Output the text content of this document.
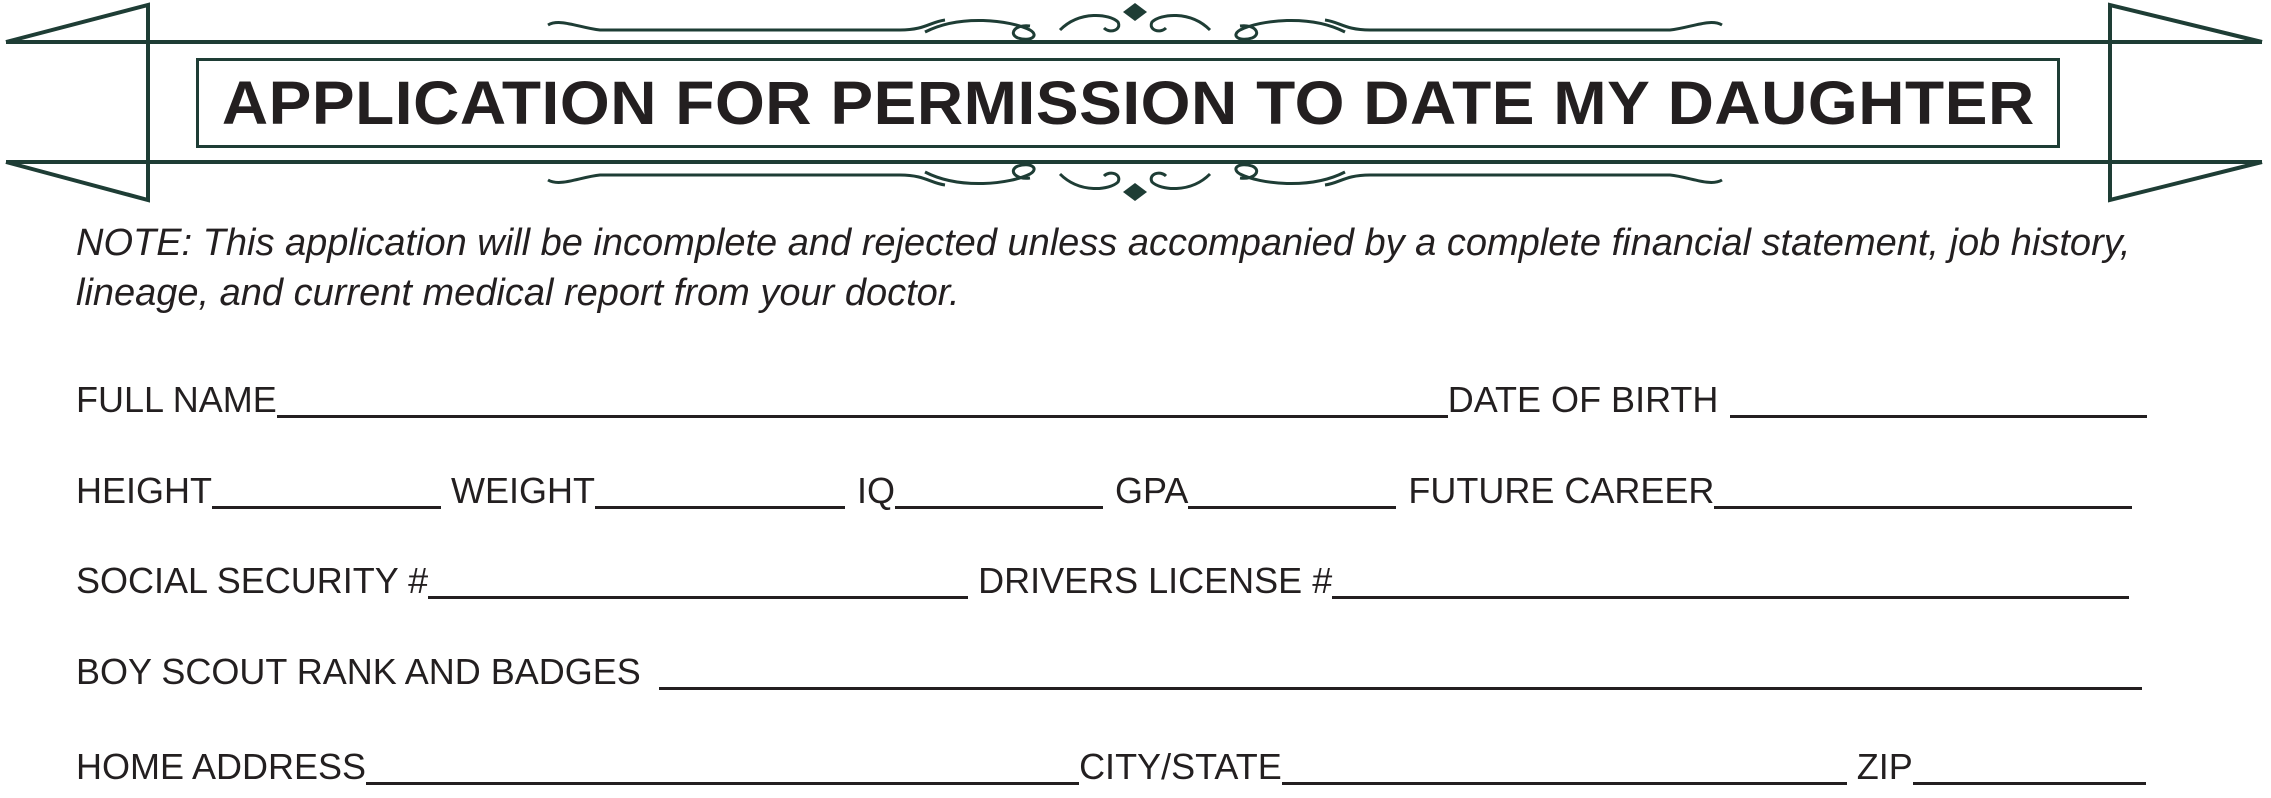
APPLICATION FOR PERMISSION TO DATE MY DAUGHTER
NOTE: This application will be incomplete and rejected unless accompanied by a complete financial statement, job history, lineage, and current medical report from your doctor.
FULL NAME	DATE OF BIRTH
HEIGHT	WEIGHT	IQ	GPA	FUTURE CAREER
SOCIAL SECURITY #	DRIVERS LICENSE #
BOY SCOUT RANK AND BADGES
HOME ADDRESS	CITY/STATE	ZIP
